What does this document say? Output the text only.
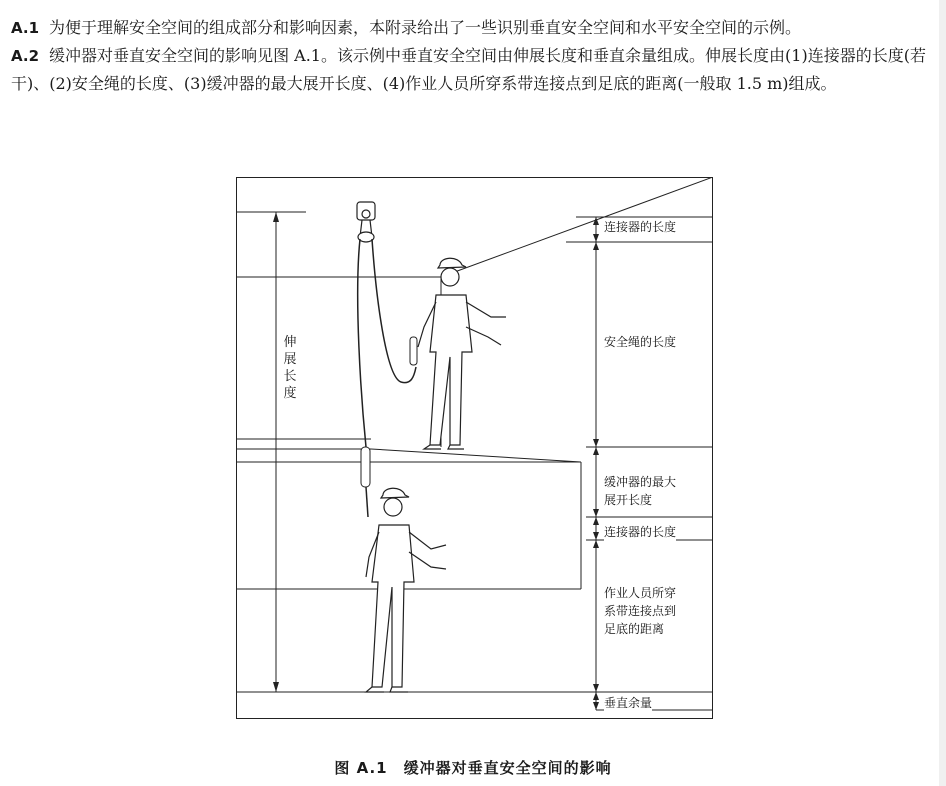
A.1 为便于理解安全空间的组成部分和影响因素，本附录给出了一些识别垂直安全空间和水平安全空间的示例。

A.2 缓冲器对垂直安全空间的影响见图 A.1。该示例中垂直安全空间由伸展长度和垂直余量组成。伸展长度由(1)连接器的长度(若干)、(2)安全绳的长度、(3)缓冲器的最大展开长度、(4)作业人员所穿系带连接点到足底的距离(一般取 1.5 m)组成。

伸
展
长
度
连接器的长度
安全绳的长度
缓冲器的最大
展开长度
连接器的长度
作业人员所穿
系带连接点到
足底的距离
垂直余量
图 A.1　缓冲器对垂直安全空间的影响
